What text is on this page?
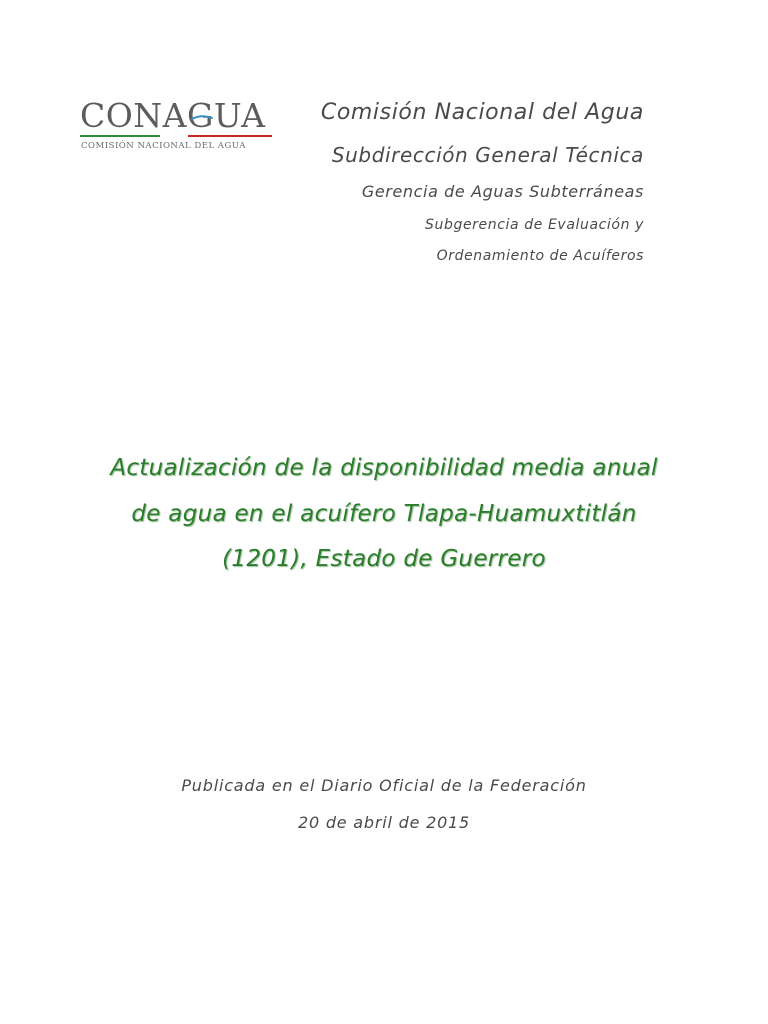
CONAGUA
COMISIÓN NACIONAL DEL AGUA
Comisión Nacional del Agua
Subdirección General Técnica
Gerencia de Aguas Subterráneas
Subgerencia de Evaluación y
Ordenamiento de Acuíferos
Actualización de la disponibilidad media anual
de agua en el acuífero Tlapa-Huamuxtitlán
(1201), Estado de Guerrero
Publicada en el Diario Oficial de la Federación
20 de abril de 2015
